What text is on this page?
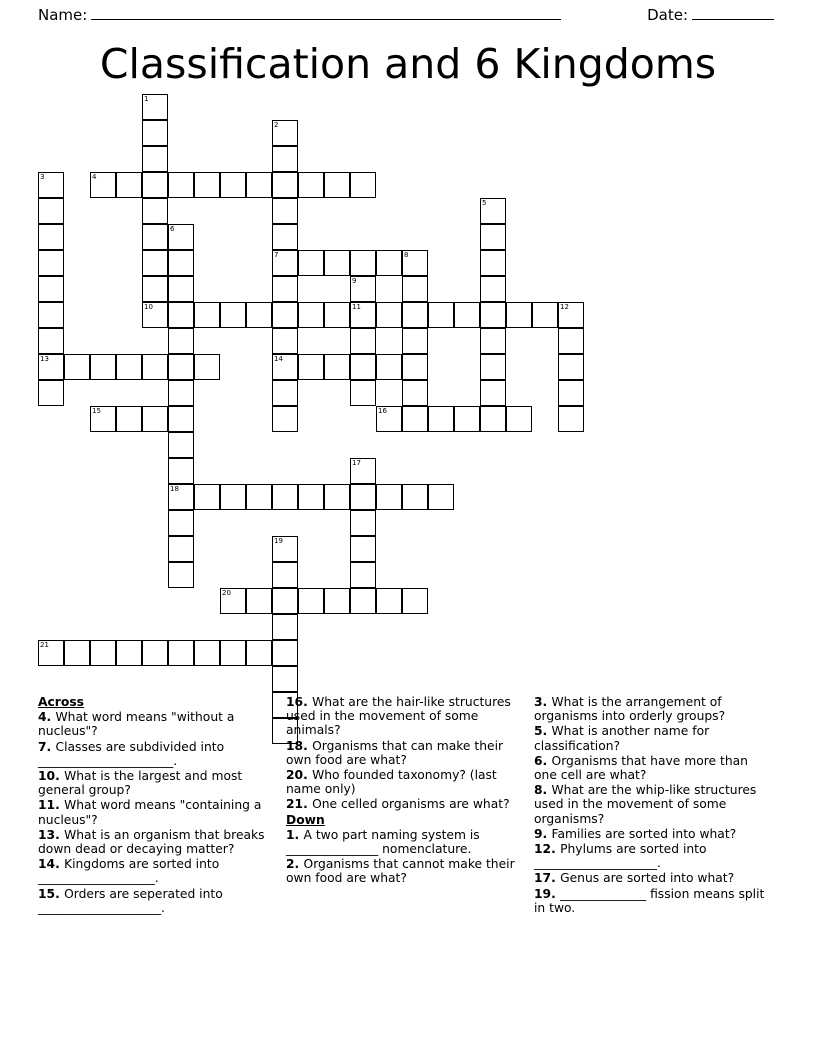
Name:	Date:
Classification and 6 Kingdoms
1
2
7
14
3
13
4
5
6
18
8
9
11
10	12
15	16
17
19
20
21
Across
4. What word means "without a nucleus"?
7. Classes are subdivided into ______________________.
10. What is the largest and most general group?
11. What word means "containing a nucleus"?
13. What is an organism that breaks down dead or decaying matter?
14. Kingdoms are sorted into ___________________.
15. Orders are seperated into ____________________.
16. What are the hair-like structures used in the movement of some animals?
18. Organisms that can make their own food are what?
20. Who founded taxonomy? (last name only)
21. One celled organisms are what?
Down
1. A two part naming system is _______________ nomenclature.
2. Organisms that cannot make their own food are what?
3. What is the arrangement of organisms into orderly groups?
5. What is another name for classification?
6. Organisms that have more than one cell are what?
8. What are the whip-like structures used in the movement of some organisms?
9. Families are sorted into what?
12. Phylums are sorted into ____________________.
17. Genus are sorted into what?
19. ______________ fission means split in two.
